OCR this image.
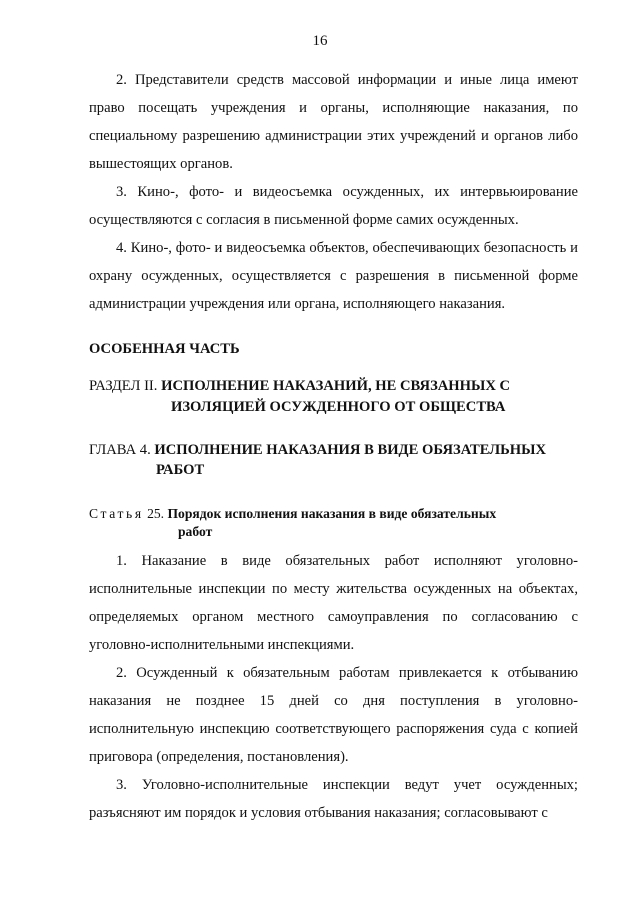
16

2. Представители средств массовой информации и иные лица имеют право посещать учреждения и органы, исполняющие наказания, по специальному разрешению администрации этих учреждений и органов либо вышестоящих органов.

3. Кино-, фото- и видеосъемка осужденных, их интервьюирование осуществляются с согласия в письменной форме самих осужденных.

4. Кино-, фото- и видеосъемка объектов, обеспечивающих безопасность и охрану осужденных, осуществляется с разрешения в письменной форме администрации учреждения или органа, исполняющего наказания.

ОСОБЕННАЯ ЧАСТЬ
РАЗДЕЛ II. ИСПОЛНЕНИЕ НАКАЗАНИЙ, НЕ СВЯЗАННЫХ С
ИЗОЛЯЦИЕЙ ОСУЖДЕННОГО ОТ ОБЩЕСТВА
ГЛАВА 4. ИСПОЛНЕНИЕ НАКАЗАНИЯ В ВИДЕ ОБЯЗАТЕЛЬНЫХ
РАБОТ
Статья 25. Порядок исполнения наказания в виде обязательных
работ

1. Наказание в виде обязательных работ исполняют уголовно-исполнительные инспекции по месту жительства осужденных на объектах, определяемых органом местного самоуправления по согласованию с уголовно-исполнительными инспекциями.

2. Осужденный к обязательным работам привлекается к отбыванию наказания не позднее 15 дней со дня поступления в уголовно-исполнительную инспекцию соответствующего распоряжения суда с копией приговора (определения, постановления).

3. Уголовно-исполнительные инспекции ведут учет осужденных; разъясняют им порядок и условия отбывания наказания; согласовывают с
